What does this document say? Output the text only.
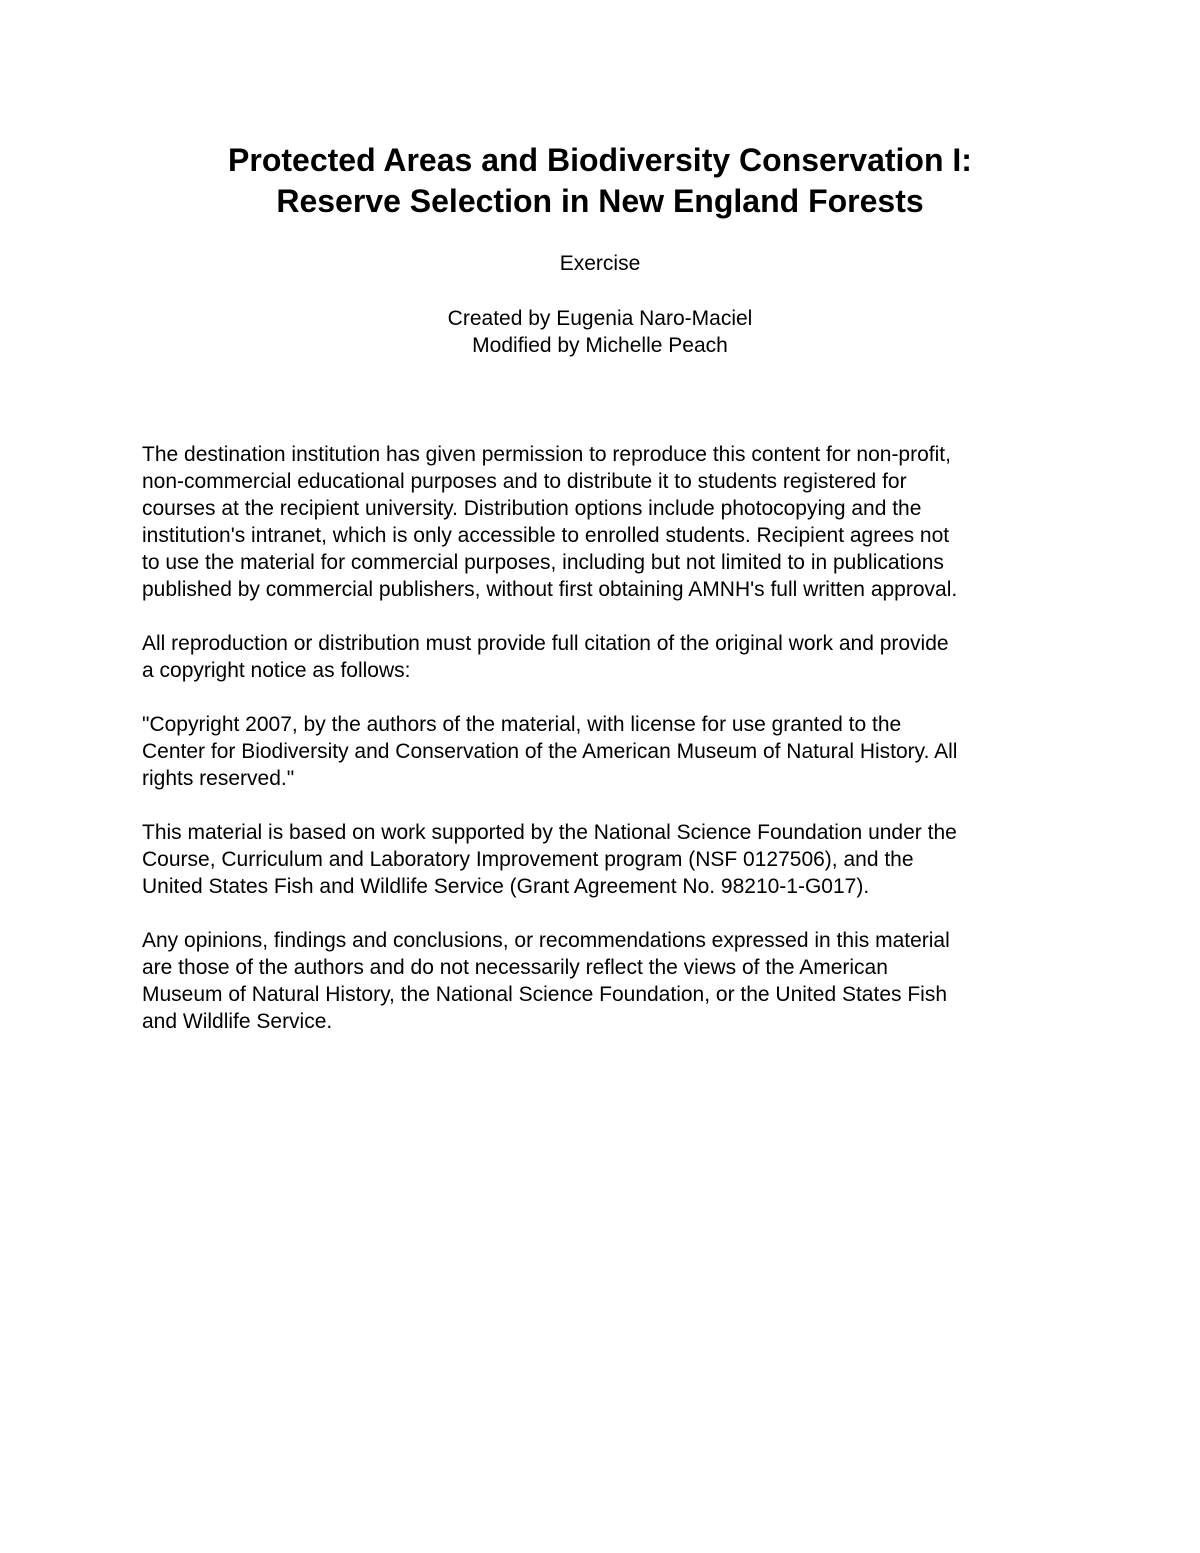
Protected Areas and Biodiversity Conservation I:
Reserve Selection in New England Forests
Exercise
Created by Eugenia Naro-Maciel
Modified by Michelle Peach

The destination institution has given permission to reproduce this content for non-profit,
non-commercial educational purposes and to distribute it to students registered for
courses at the recipient university. Distribution options include photocopying and the
institution's intranet, which is only accessible to enrolled students. Recipient agrees not
to use the material for commercial purposes, including but not limited to in publications
published by commercial publishers, without first obtaining AMNH's full written approval.

All reproduction or distribution must provide full citation of the original work and provide
a copyright notice as follows:

"Copyright 2007, by the authors of the material, with license for use granted to the
Center for Biodiversity and Conservation of the American Museum of Natural History. All
rights reserved."

This material is based on work supported by the National Science Foundation under the
Course, Curriculum and Laboratory Improvement program (NSF 0127506), and the
United States Fish and Wildlife Service (Grant Agreement No. 98210-1-G017).

Any opinions, findings and conclusions, or recommendations expressed in this material
are those of the authors and do not necessarily reflect the views of the American
Museum of Natural History, the National Science Foundation, or the United States Fish
and Wildlife Service.
